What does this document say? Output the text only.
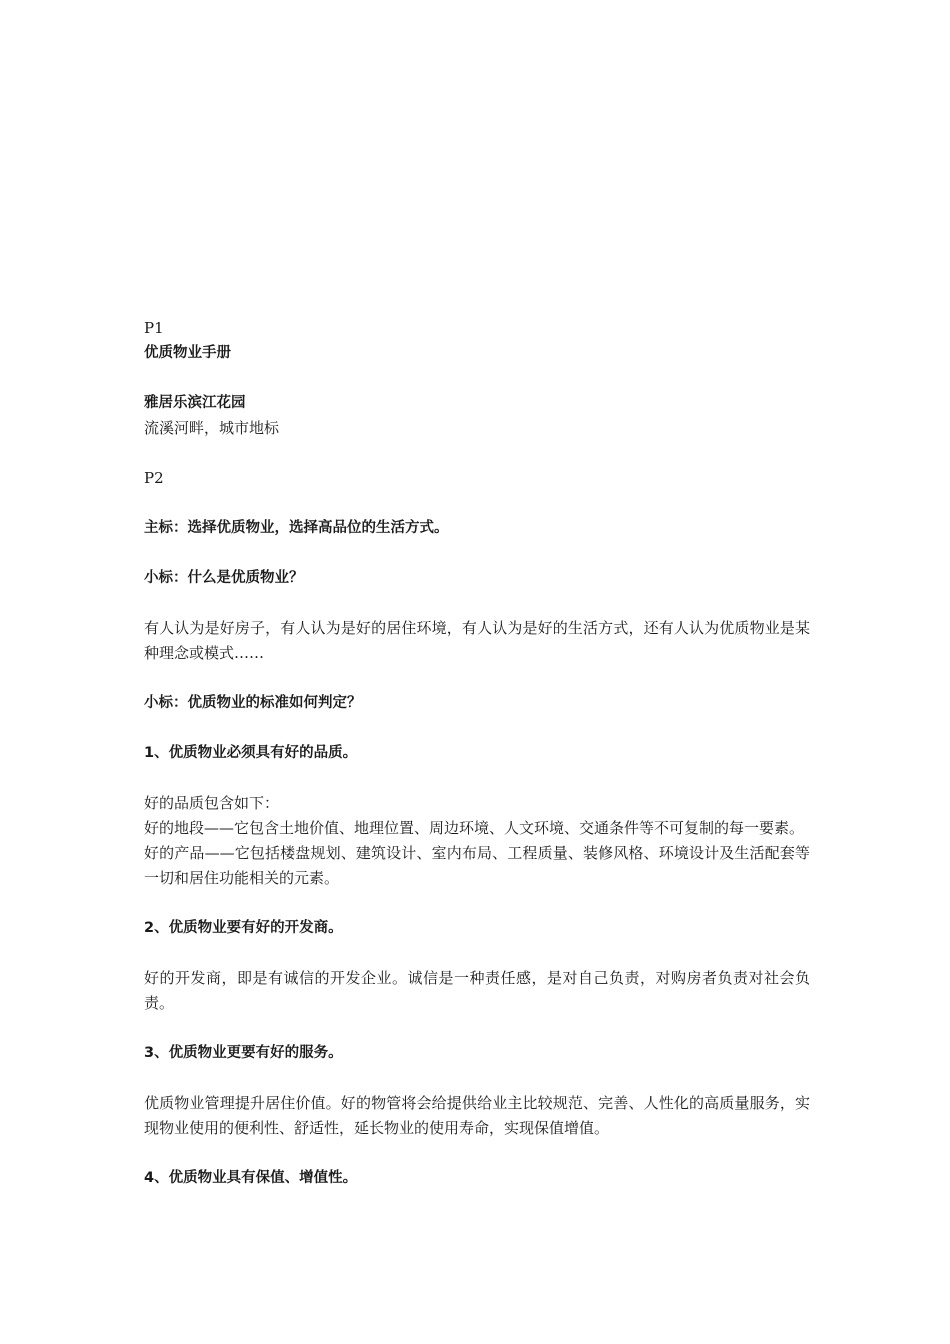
P1

优质物业手册

雅居乐滨江花园

流溪河畔，城市地标

P2

主标：选择优质物业，选择高品位的生活方式。

小标：什么是优质物业？

有人认为是好房子，有人认为是好的居住环境，有人认为是好的生活方式，还有人认为优质物业是某种理念或模式……

小标：优质物业的标准如何判定？

1、优质物业必须具有好的品质。

好的品质包含如下：

好的地段——它包含土地价值、地理位置、周边环境、人文环境、交通条件等不可复制的每一要素。

好的产品——它包括楼盘规划、建筑设计、室内布局、工程质量、装修风格、环境设计及生活配套等一切和居住功能相关的元素。

2、优质物业要有好的开发商。

好的开发商，即是有诚信的开发企业。诚信是一种责任感，是对自己负责，对购房者负责对社会负责。

3、优质物业更要有好的服务。

优质物业管理提升居住价值。好的物管将会给提供给业主比较规范、完善、人性化的高质量服务，实现物业使用的便利性、舒适性，延长物业的使用寿命，实现保值增值。

4、优质物业具有保值、增值性。
